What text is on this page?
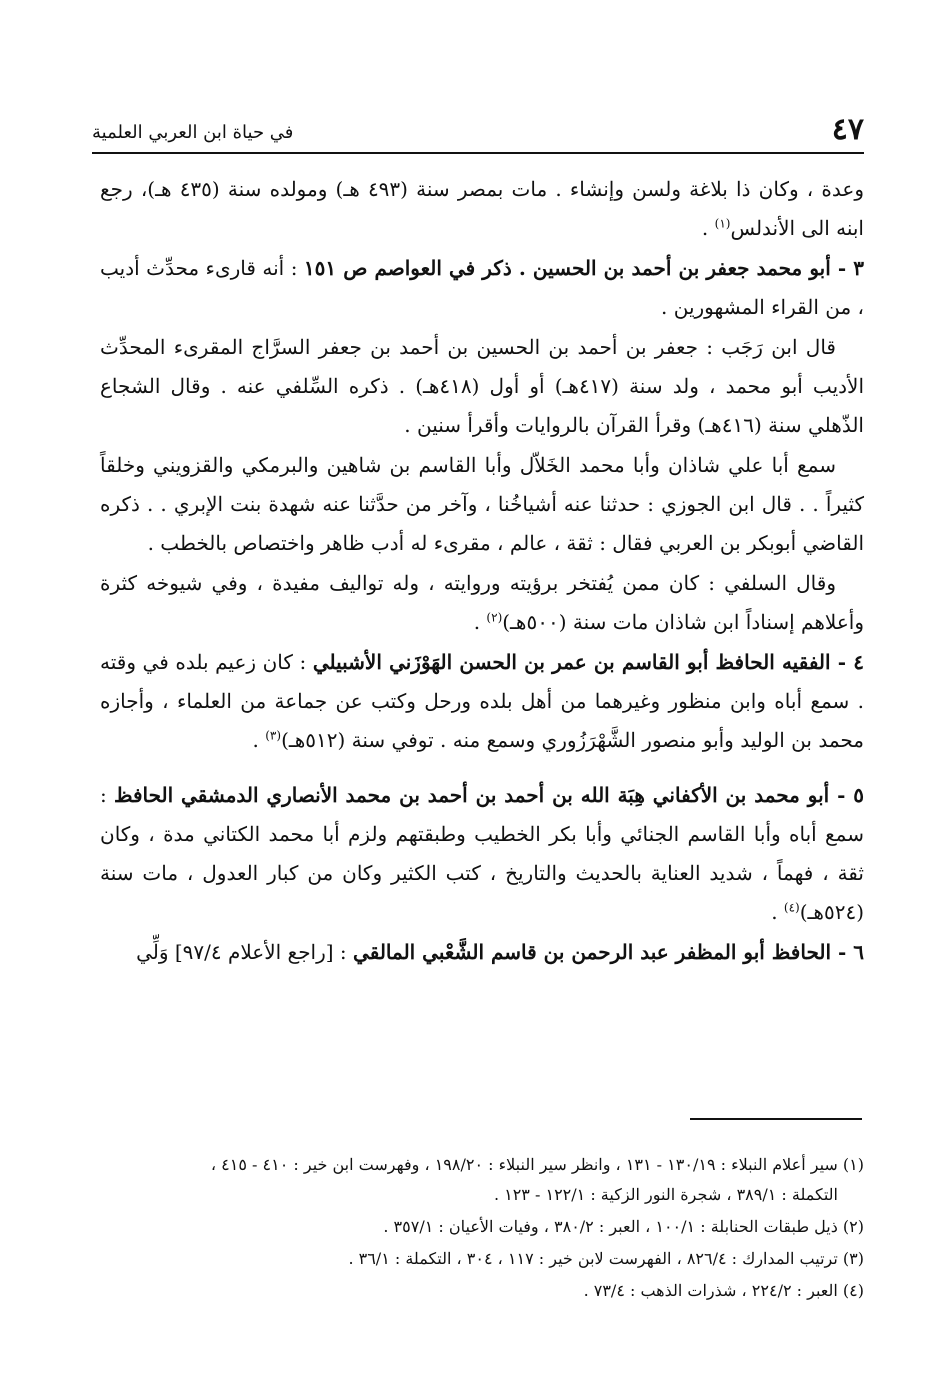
٤٧
في حياة ابن العربي العلمية

وعدة ، وكان ذا بلاغة ولسن وإنشاء . مات بمصر سنة (٤٩٣ هـ) ومولده سنة (٤٣٥ هـ)، رجع ابنه الى الأندلس$^{(١)}$ .

٣ - أبو محمد جعفر بن أحمد بن الحسين . ذكر في العواصم ص ١٥١ : أنه قارىء محدِّث أديب ، من القراء المشهورين .

قال ابن رَجَب : جعفر بن أحمد بن الحسين بن أحمد بن جعفر السرَّاج المقرىء المحدِّث الأديب أبو محمد ، ولد سنة (٤١٧هـ) أو أول (٤١٨هـ) . ذكره السِّلفي عنه . وقال الشجاع الذّهلي سنة (٤١٦هـ) وقرأ القرآن بالروايات وأقرأ سنين .

سمع أبا علي شاذان وأبا محمد الخَلاّل وأبا القاسم بن شاهين والبرمكي والقزويني وخلقاً كثيراً . . قال ابن الجوزي : حدثنا عنه أشياخُنا ، وآخر من حدَّثنا عنه شهدة بنت الإبري . . ذكره القاضي أبوبكر بن العربي فقال : ثقة ، عالم ، مقرىء له أدب ظاهر واختصاص بالخطب .

وقال السلفي : كان ممن يُفتخر برؤيته وروايته ، وله تواليف مفيدة ، وفي شيوخه كثرة وأعلاهم إسناداً ابن شاذان مات سنة (٥٠٠هـ)$^{(٢)}$ .

٤ - الفقيه الحافظ أبو القاسم بن عمر بن الحسن الهَوْزَني الأشبيلي : كان زعيم بلده في وقته . سمع أباه وابن منظور وغيرهما من أهل بلده ورحل وكتب عن جماعة من العلماء ، وأجازه محمد بن الوليد وأبو منصور الشَّهْرَزُوري وسمع منه . توفي سنة (٥١٢هـ)$^{(٣)}$ .

٥ - أبو محمد بن الأكفاني هِبَة الله بن أحمد بن أحمد بن محمد الأنصاري الدمشقي الحافظ : سمع أباه وأبا القاسم الجنائي وأبا بكر الخطيب وطبقتهم ولزم أبا محمد الكتاني مدة ، وكان ثقة ، فهماً ، شديد العناية بالحديث والتاريخ ، كتب الكثير وكان من كبار العدول ، مات سنة (٥٢٤هـ)$^{(٤)}$ .

٦ - الحافظ أبو المظفر عبد الرحمن بن قاسم الشَّعْبي المالقي : [راجع الأعلام ٩٧/٤] وَلِّي

(١) سير أعلام النبلاء : ١٣٠/١٩ - ١٣١ ، وانظر سير النبلاء : ١٩٨/٢٠ ، وفهرست ابن خير : ٤١٠ - ٤١٥ ،
التكملة : ٣٨٩/١ ، شجرة النور الزكية : ١٢٢/١ - ١٢٣ .

(٢) ذيل طبقات الحنابلة : ١٠٠/١ ، العبر : ٣٨٠/٢ ، وفيات الأعيان : ٣٥٧/١ .

(٣) ترتيب المدارك : ٨٢٦/٤ ، الفهرست لابن خير : ١١٧ ، ٣٠٤ ، التكملة : ٣٦/١ .

(٤) العبر : ٢٢٤/٢ ، شذرات الذهب : ٧٣/٤ .
